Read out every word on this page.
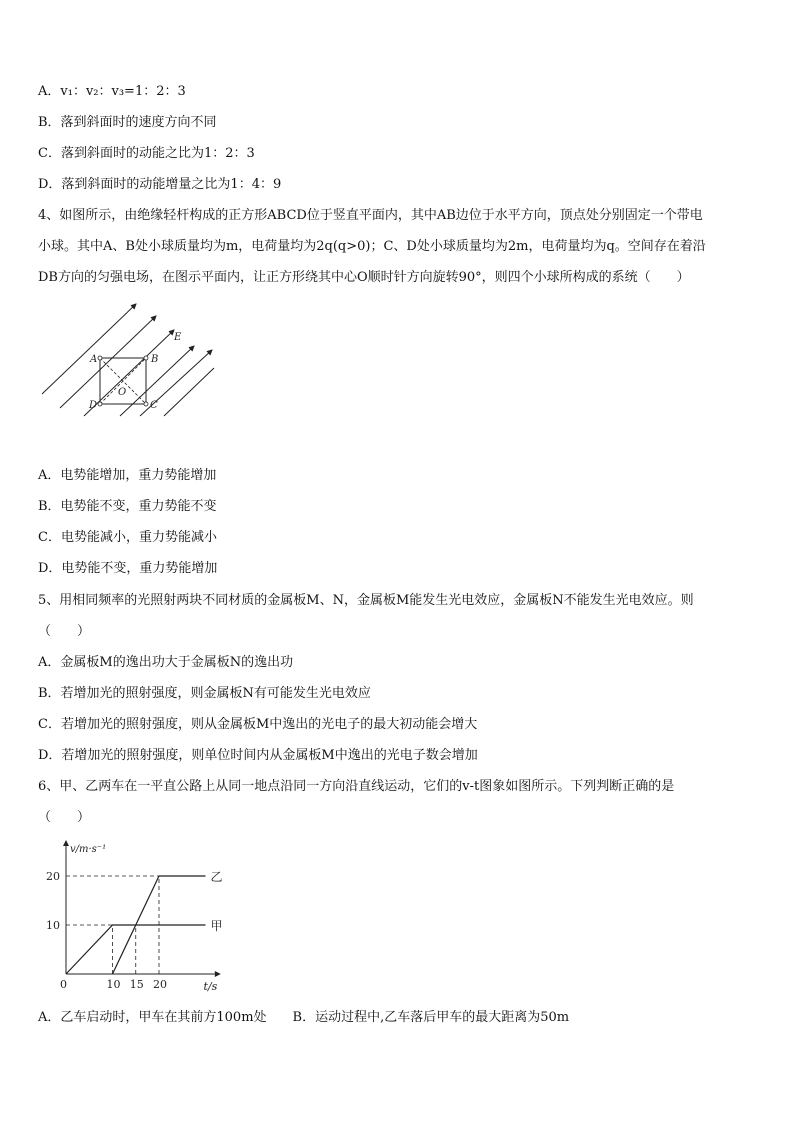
A．v₁：v₂：v₃=1：2：3
B．落到斜面时的速度方向不同
C．落到斜面时的动能之比为1：2：3
D．落到斜面时的动能增量之比为1：4：9
4、如图所示，由绝缘轻杆构成的正方形ABCD位于竖直平面内，其中AB边位于水平方向，顶点处分别固定一个带电
小球。其中A、B处小球质量均为m，电荷量均为2q(q>0)；C、D处小球质量均为2m，电荷量均为q。空间存在着沿
DB方向的匀强电场，在图示平面内，让正方形绕其中心O顺时针方向旋转90°，则四个小球所构成的系统（　　）
A	B
C
D
O
E
A．电势能增加，重力势能增加
B．电势能不变，重力势能不变
C．电势能减小，重力势能减小
D．电势能不变，重力势能增加
5、用相同频率的光照射两块不同材质的金属板M、N，金属板M能发生光电效应，金属板N不能发生光电效应。则
（　　）
A．金属板M的逸出功大于金属板N的逸出功
B．若增加光的照射强度，则金属板N有可能发生光电效应
C．若增加光的照射强度，则从金属板M中逸出的光电子的最大初动能会增大
D．若增加光的照射强度，则单位时间内从金属板M中逸出的光电子数会增加
6、甲、乙两车在一平直公路上从同一地点沿同一方向沿直线运动，它们的v-t图象如图所示。下列判断正确的是
（　　）
甲
乙
0	10 15 20
10
20
v/m·s⁻¹
t/s
A．乙车启动时，甲车在其前方100m处　　B．运动过程中,乙车落后甲车的最大距离为50m
